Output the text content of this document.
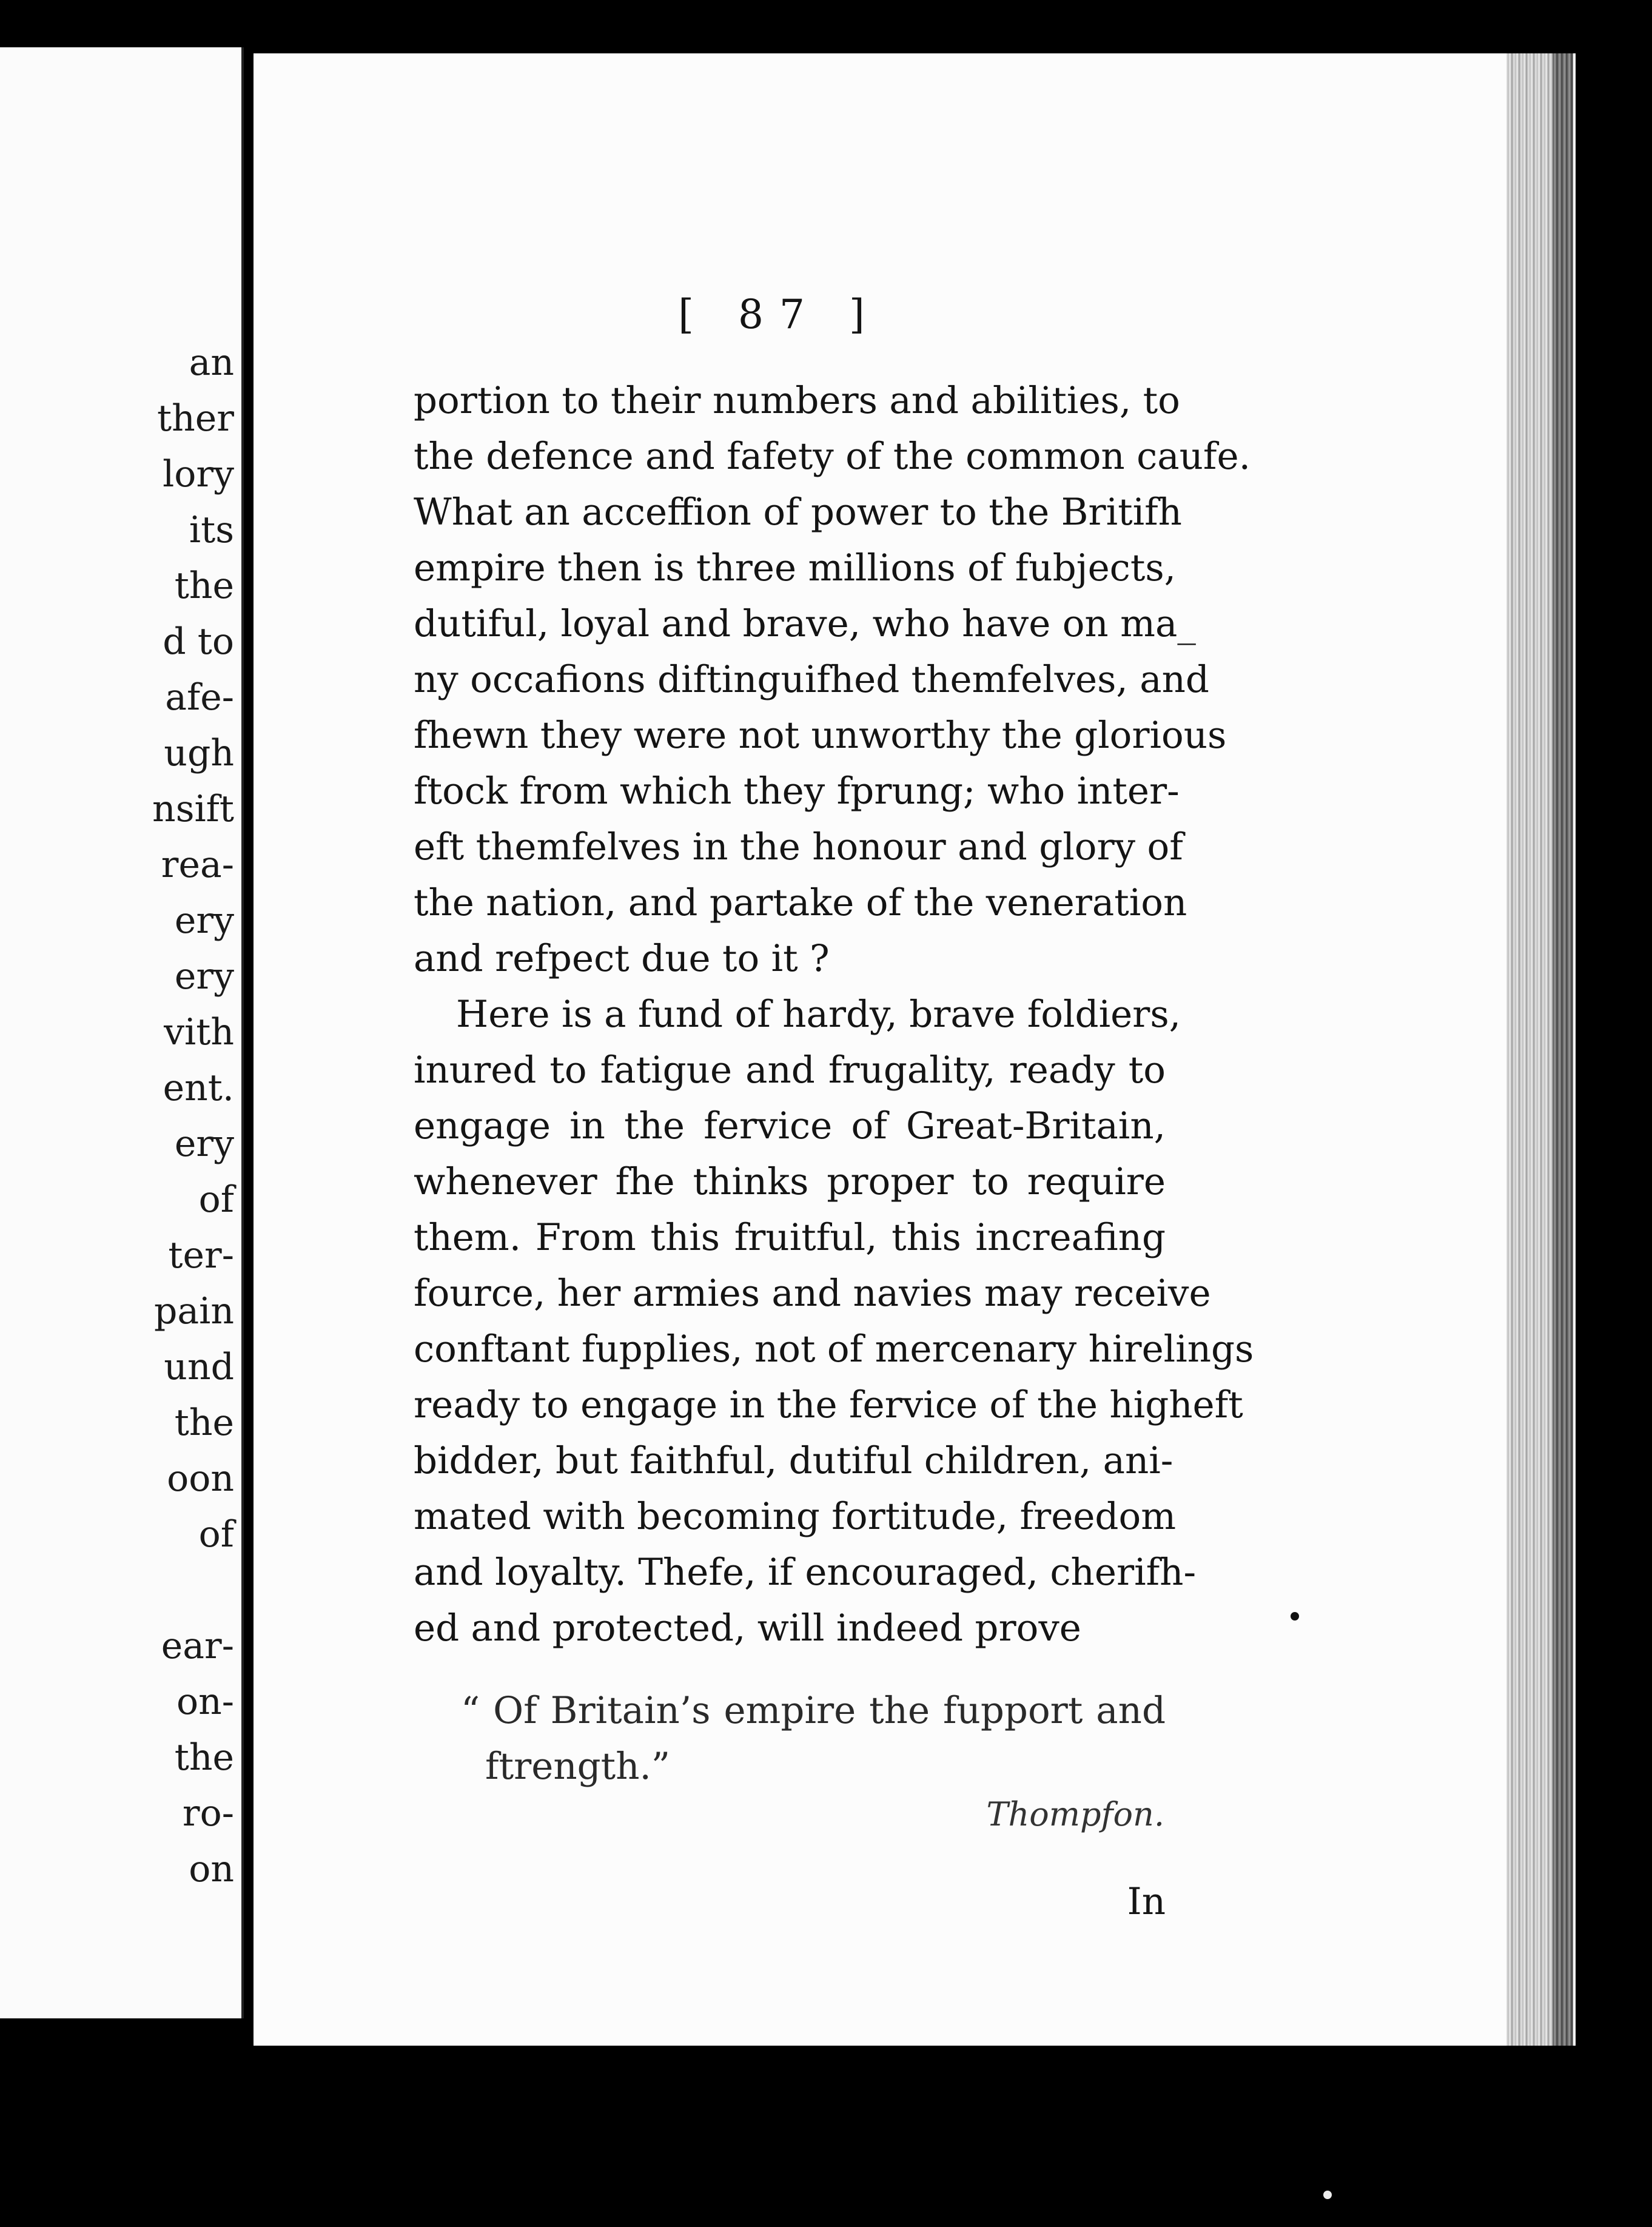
an
ther
lory
its
the
d to
afe-
ugh
nsift
rea-
ery
ery
vith
ent.
ery
of
ter-
pain
und
the
oon
of
ear-
on-
the
ro-
on
[ 87 ]
portion to their numbers and abilities, to
the defence and fafety of the common caufe.
What an acceffion of power to the Britifh
empire then is three millions of fubjects,
dutiful, loyal and brave, who have on ma_
ny occafions diftinguifhed themfelves, and
fhewn they were not unworthy the glorious
ftock from which they fprung; who inter-
eft themfelves in the honour and glory of
the nation, and partake of the veneration
and refpect due to it ?
Here is a fund of hardy, brave foldiers,
inured to fatigue and frugality, ready to
engage in the fervice of Great-Britain,
whenever fhe thinks proper to require
them. From this fruitful, this increafing
fource, her armies and navies may receive
conftant fupplies, not of mercenary hirelings
ready to engage in the fervice of the higheft
bidder, but faithful, dutiful children, ani-
mated with becoming fortitude, freedom
and loyalty. Thefe, if encouraged, cherifh-
ed and protected, will indeed prove
“ Of Britain’s empire the fupport and
ftrength.”
Thompfon.
In
